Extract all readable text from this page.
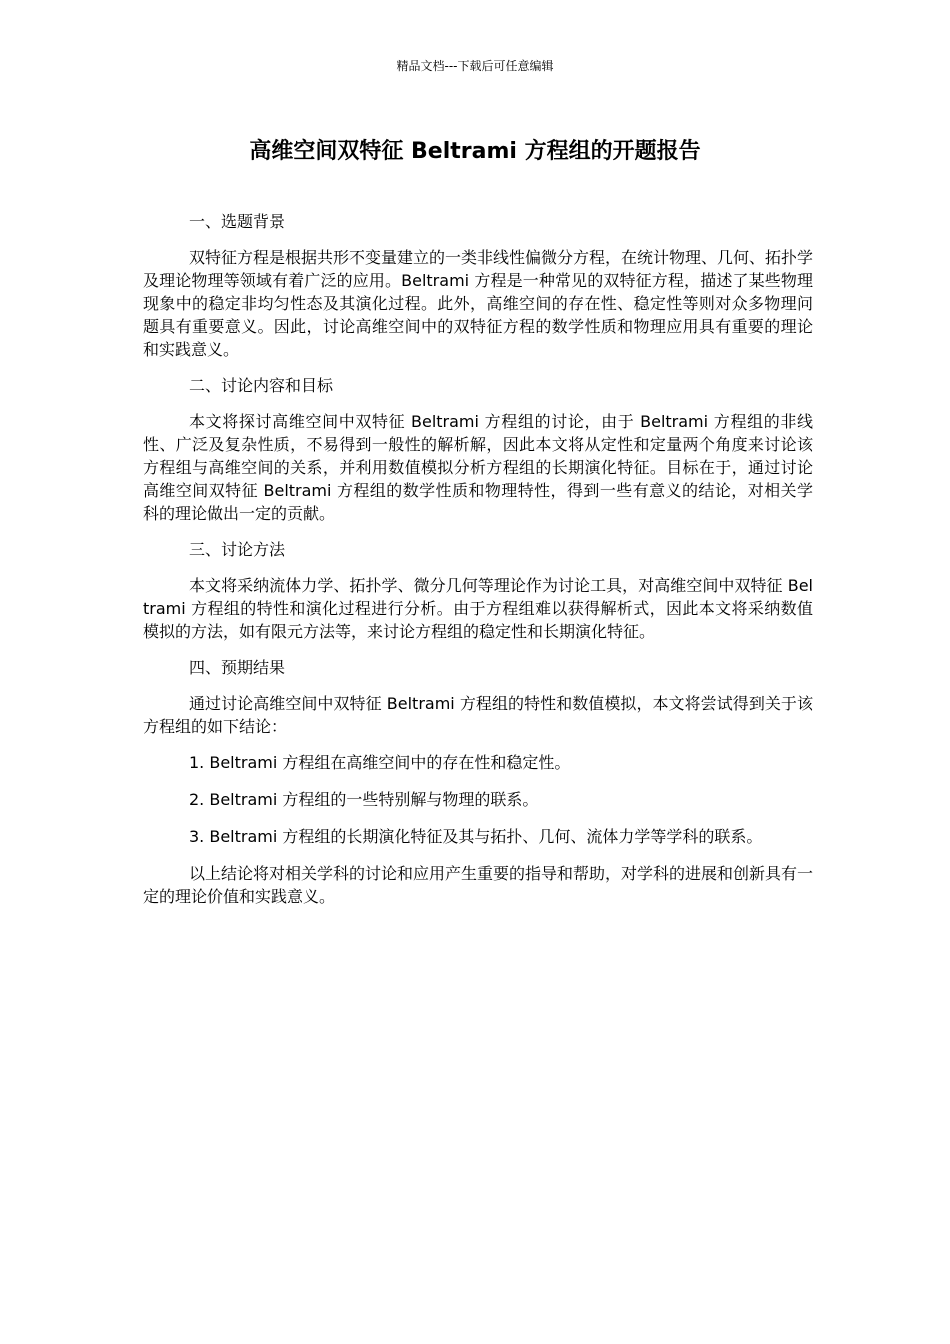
精品文档---下载后可任意编辑
高维空间双特征 Beltrami 方程组的开题报告

一、选题背景

双特征方程是根据共形不变量建立的一类非线性偏微分方程，在统计物理、几何、拓扑学及理论物理等领域有着广泛的应用。Beltrami 方程是一种常见的双特征方程，描述了某些物理现象中的稳定非均匀性态及其演化过程。此外，高维空间的存在性、稳定性等则对众多物理问题具有重要意义。因此，讨论高维空间中的双特征方程的数学性质和物理应用具有重要的理论和实践意义。

二、讨论内容和目标

本文将探讨高维空间中双特征 Beltrami 方程组的讨论，由于 Beltrami 方程组的非线性、广泛及复杂性质，不易得到一般性的解析解，因此本文将从定性和定量两个角度来讨论该方程组与高维空间的关系，并利用数值模拟分析方程组的长期演化特征。目标在于，通过讨论高维空间双特征 Beltrami 方程组的数学性质和物理特性，得到一些有意义的结论，对相关学科的理论做出一定的贡献。

三、讨论方法

本文将采纳流体力学、拓扑学、微分几何等理论作为讨论工具，对高维空间中双特征 Beltrami 方程组的特性和演化过程进行分析。由于方程组难以获得解析式，因此本文将采纳数值模拟的方法，如有限元方法等，来讨论方程组的稳定性和长期演化特征。

四、预期结果

通过讨论高维空间中双特征 Beltrami 方程组的特性和数值模拟，本文将尝试得到关于该方程组的如下结论：

1. Beltrami 方程组在高维空间中的存在性和稳定性。

2. Beltrami 方程组的一些特别解与物理的联系。

3. Beltrami 方程组的长期演化特征及其与拓扑、几何、流体力学等学科的联系。

以上结论将对相关学科的讨论和应用产生重要的指导和帮助，对学科的进展和创新具有一定的理论价值和实践意义。
